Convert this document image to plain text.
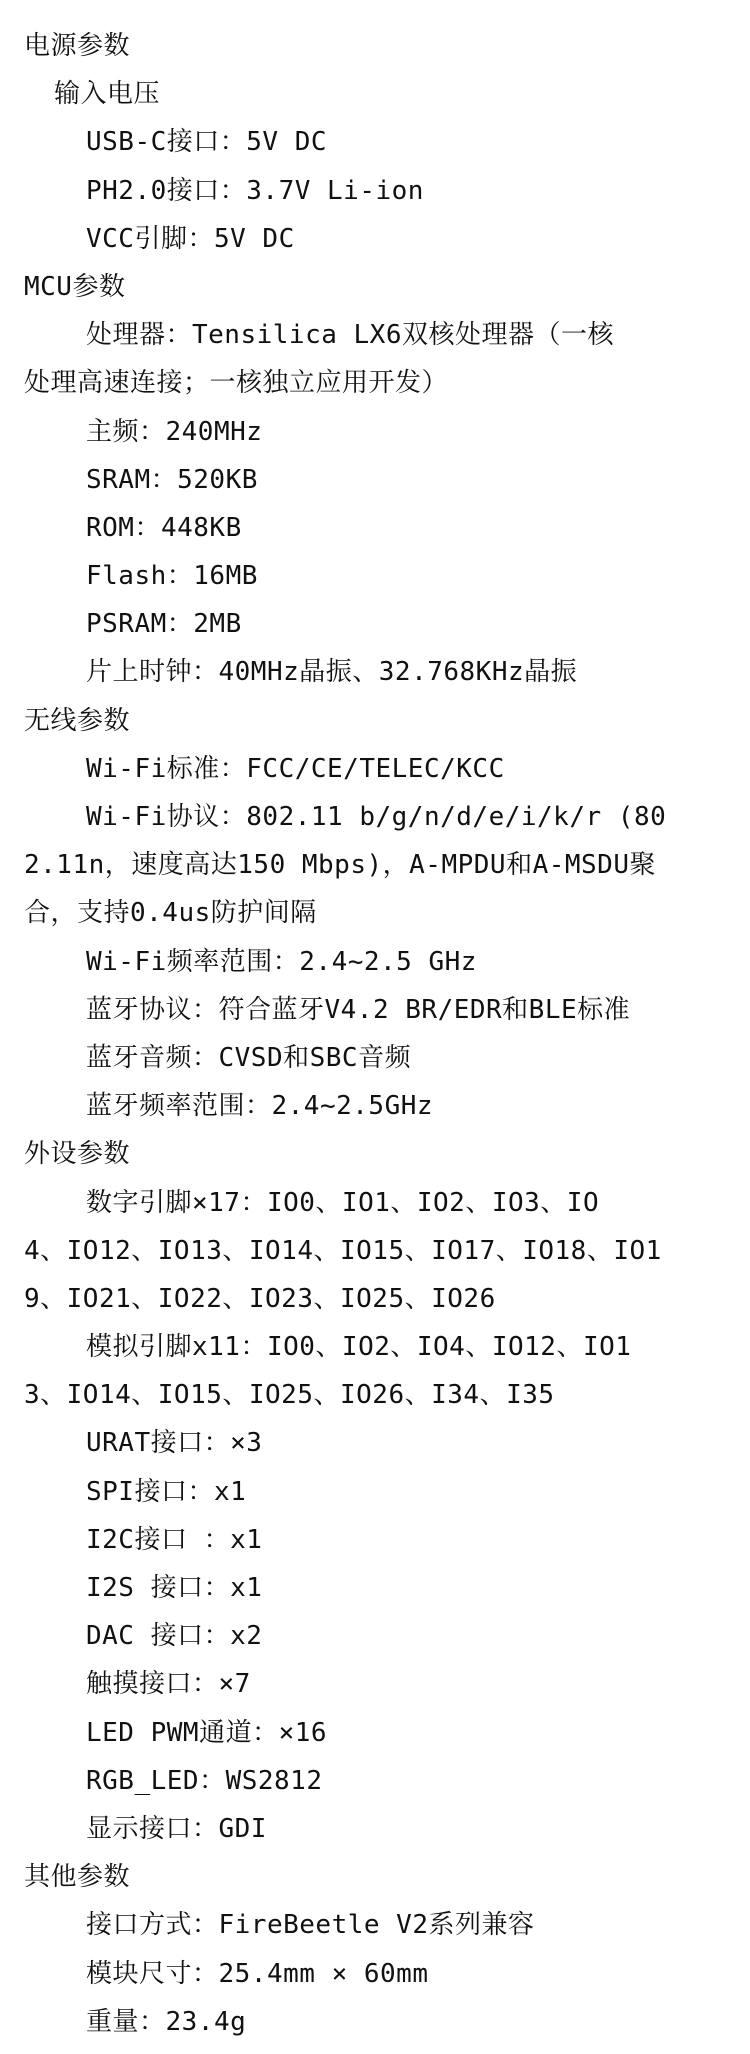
电源参数
输入电压
USB-C接口：5V DC
PH2.0接口：3.7V Li-ion
VCC引脚：5V DC
MCU参数
处理器：Tensilica LX6双核处理器（一核
处理高速连接；一核独立应用开发）
主频：240MHz
SRAM：520KB
ROM：448KB
Flash：16MB
PSRAM：2MB
片上时钟：40MHz晶振、32.768KHz晶振
无线参数
Wi-Fi标准：FCC/CE/TELEC/KCC
Wi-Fi协议：802.11 b/g/n/d/e/i/k/r (80
2.11n，速度高达150 Mbps)，A-MPDU和A-MSDU聚
合，支持0.4us防护间隔
Wi-Fi频率范围：2.4~2.5 GHz
蓝牙协议：符合蓝牙V4.2 BR/EDR和BLE标准
蓝牙音频：CVSD和SBC音频
蓝牙频率范围：2.4~2.5GHz
外设参数
数字引脚×17：IO0、IO1、IO2、IO3、IO
4、IO12、IO13、IO14、IO15、IO17、IO18、IO1
9、IO21、IO22、IO23、IO25、IO26
模拟引脚x11：IO0、IO2、IO4、IO12、IO1
3、IO14、IO15、IO25、IO26、I34、I35
URAT接口：×3
SPI接口：x1
I2C接口 ：x1
I2S 接口：x1
DAC 接口：x2
触摸接口：×7
LED PWM通道：×16
RGB_LED：WS2812
显示接口：GDI
其他参数
接口方式：FireBeetle V2系列兼容
模块尺寸：25.4mm × 60mm
重量：23.4g
